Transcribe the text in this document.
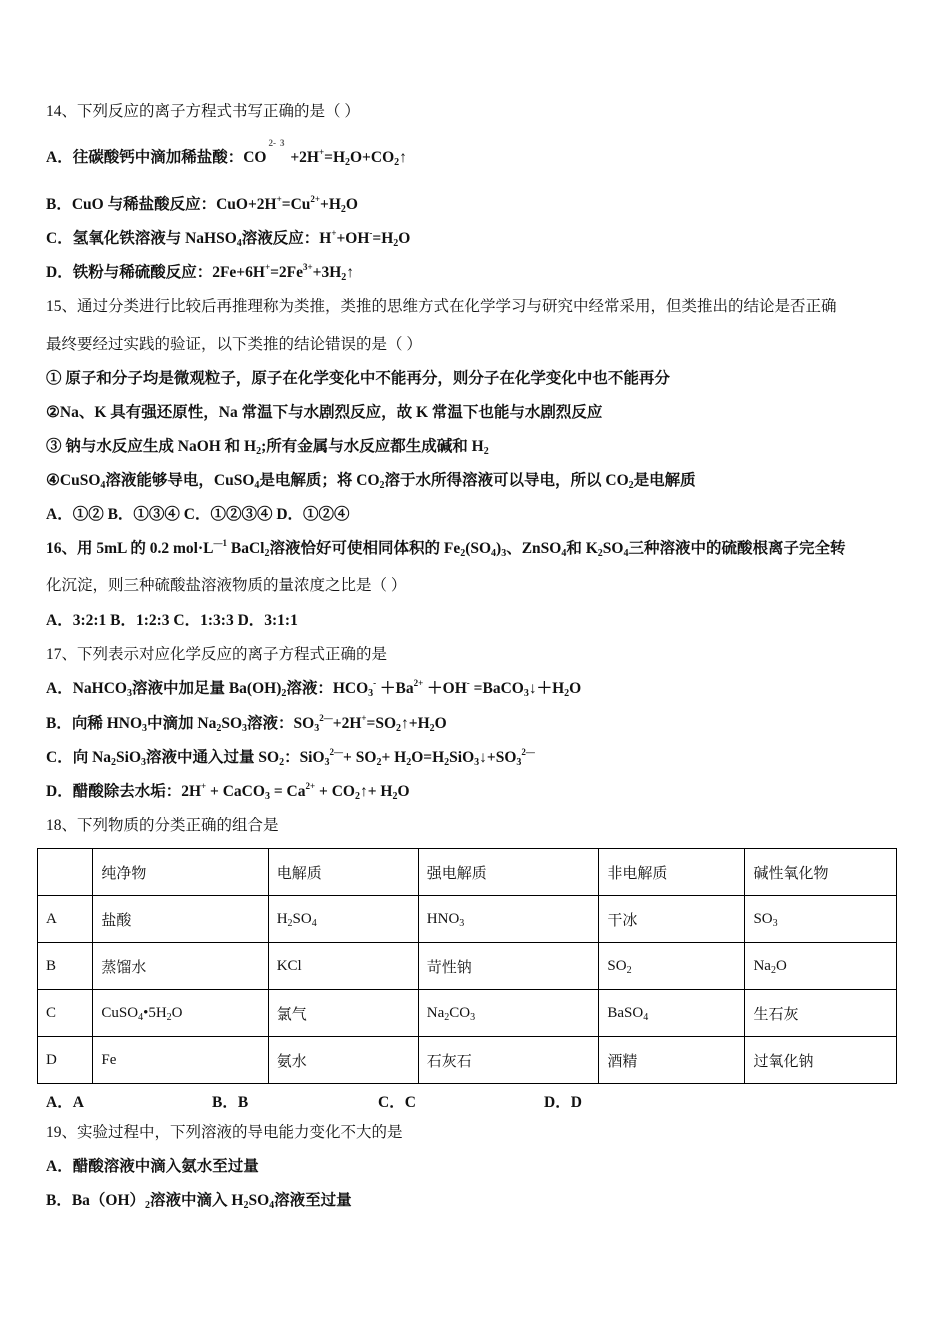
14、下列反应的离子方程式书写正确的是（ ）
A．往碳酸钙中滴加稀盐酸：$CO^{2-}$ $^3 +2H^+=H_2O+CO_2↑$
B．CuO 与稀盐酸反应：$CuO+2H^+=Cu^{2+}+H_2O$
C．氢氧化铁溶液与 NaHSO$_4$溶液反应：$H^++OH^-=H_2O$
D．铁粉与稀硫酸反应：$2Fe+6H^+=2Fe^{3+}+3H_2↑$
15、通过分类进行比较后再推理称为类推，类推的思维方式在化学学习与研究中经常采用，但类推出的结论是否正确
最终要经过实践的验证，以下类推的结论错误的是（ ）
① 原子和分子均是微观粒子，原子在化学变化中不能再分，则分子在化学变化中也不能再分
②Na、K 具有强还原性，Na 常温下与水剧烈反应，故 K 常温下也能与水剧烈反应
③ 钠与水反应生成 NaOH 和 $H_2$;所有金属与水反应都生成碱和 $H_2$
④CuSO$_4$溶液能够导电，CuSO$_4$是电解质；将 $CO_2$溶于水所得溶液可以导电，所以 $CO_2$是电解质
A．①② B．①③④ C．①②③④ D．①②④
16、用 5mL 的 0.2 $mol\cdot L^{—1}$ BaCl$_2$溶液恰好可使相同体积的 $Fe_2(SO_4)_3$、ZnSO$_4$和 $K_2SO_4$三种溶液中的硫酸根离子完全转
化沉淀，则三种硫酸盐溶液物质的量浓度之比是（ ）
A．3:2:1 B．1:2:3 C．1:3:3 D．3:1:1
17、下列表示对应化学反应的离子方程式正确的是
A．NaHCO$_3$溶液中加足量 $Ba(OH)_2$溶液：$HCO_3^- +Ba^{2+} +OH^-$ $=BaCO_3↓+H_2O$
B．向稀 $HNO_3$中滴加 $Na_2SO_3$溶液：$SO_3^{2—}+2H^+=SO_2↑+H_2O$
C．向 $Na_2SiO_3$溶液中通入过量 $SO_2$：$SiO_3^{2—}+ SO_2+$ $H_2O=H_2SiO_3↓+SO_3^{2—}$
D．醋酸除去水垢：2H+ + CaCO$_3$ = $Ca^{2+}$ + $CO_2↑+ H_2O$
18、下列物质的分类正确的组合是
19、实验过程中，下列溶液的导电能力变化不大的是
A．醋酸溶液中滴入氨水至过量
B．$Ba(OH)_2$溶液中滴入 $H_2SO_4$溶液至过量
	纯净物	电解质	强电解质	非电解质	碱性氧化物
A	盐酸	$H_2SO_4$	$HNO_3$	干冰	$SO_3$
B	蒸馏水	KCl	苛性钠	$SO_2$	$Na_2O$
C	$CuSO_4•5H_2O$	氯气	$Na_2CO_3$	BaSO$_4$	生石灰
D	Fe	氨水	石灰石	酒精	过氧化钠
A．A	B．B	C．C	D．D
